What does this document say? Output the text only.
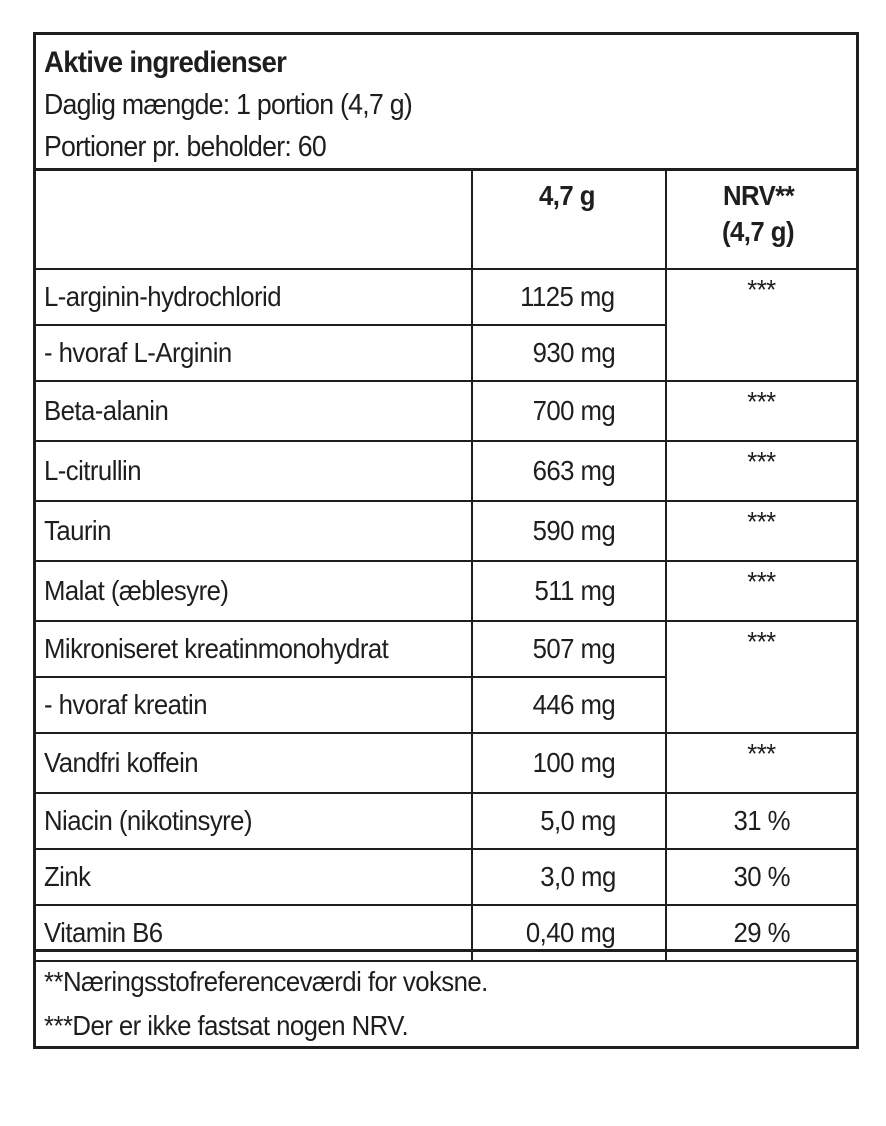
Aktive ingredienser
Daglig mængde: 1 portion (4,7 g)
Portioner pr. beholder: 60
	4,7 g	NRV**
(4,7 g)
L-arginin-hydrochlorid	1125 mg	***
- hvoraf L-Arginin	930 mg	
Beta-alanin	700 mg	***
L-citrullin	663 mg	***
Taurin	590 mg	***
Malat (æblesyre)	511 mg	***
Mikroniseret kreatinmonohydrat	507 mg	***
- hvoraf kreatin	446 mg	
Vandfri koffein	100 mg	***
Niacin (nikotinsyre)	5,0 mg	31 %
Zink	3,0 mg	30 %
Vitamin B6	0,40 mg	29 %
**Næringsstofreferenceværdi for voksne.
***Der er ikke fastsat nogen NRV.
